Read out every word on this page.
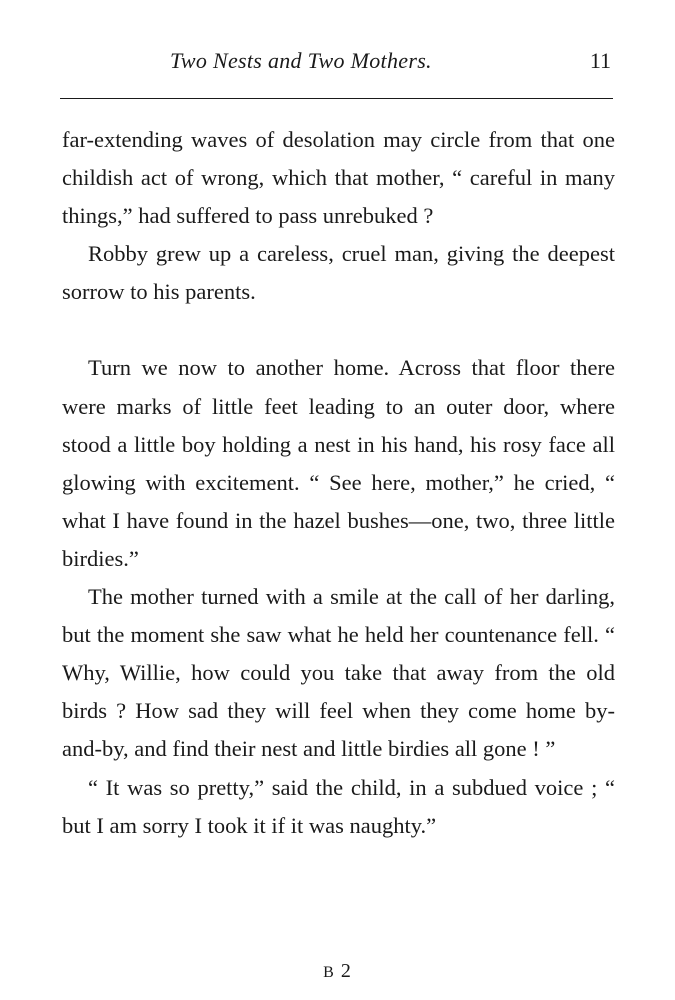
Two Nests and Two Mothers.	11

far-extending waves of desolation may circle from that one childish act of wrong, which that mother, “ careful in many things,” had suffered to pass unrebuked ?

Robby grew up a careless, cruel man, giving the deepest sorrow to his parents.

Turn we now to another home. Across that floor there were marks of little feet leading to an outer door, where stood a little boy holding a nest in his hand, his rosy face all glowing with excitement. “ See here, mother,” he cried, “ what I have found in the hazel bushes—one, two, three little birdies.”

The mother turned with a smile at the call of her darling, but the moment she saw what he held her countenance fell. “ Why, Willie, how could you take that away from the old birds ? How sad they will feel when they come home by-and-by, and find their nest and little birdies all gone ! ”

“ It was so pretty,” said the child, in a subdued voice ; “ but I am sorry I took it if it was naughty.”

B 2
